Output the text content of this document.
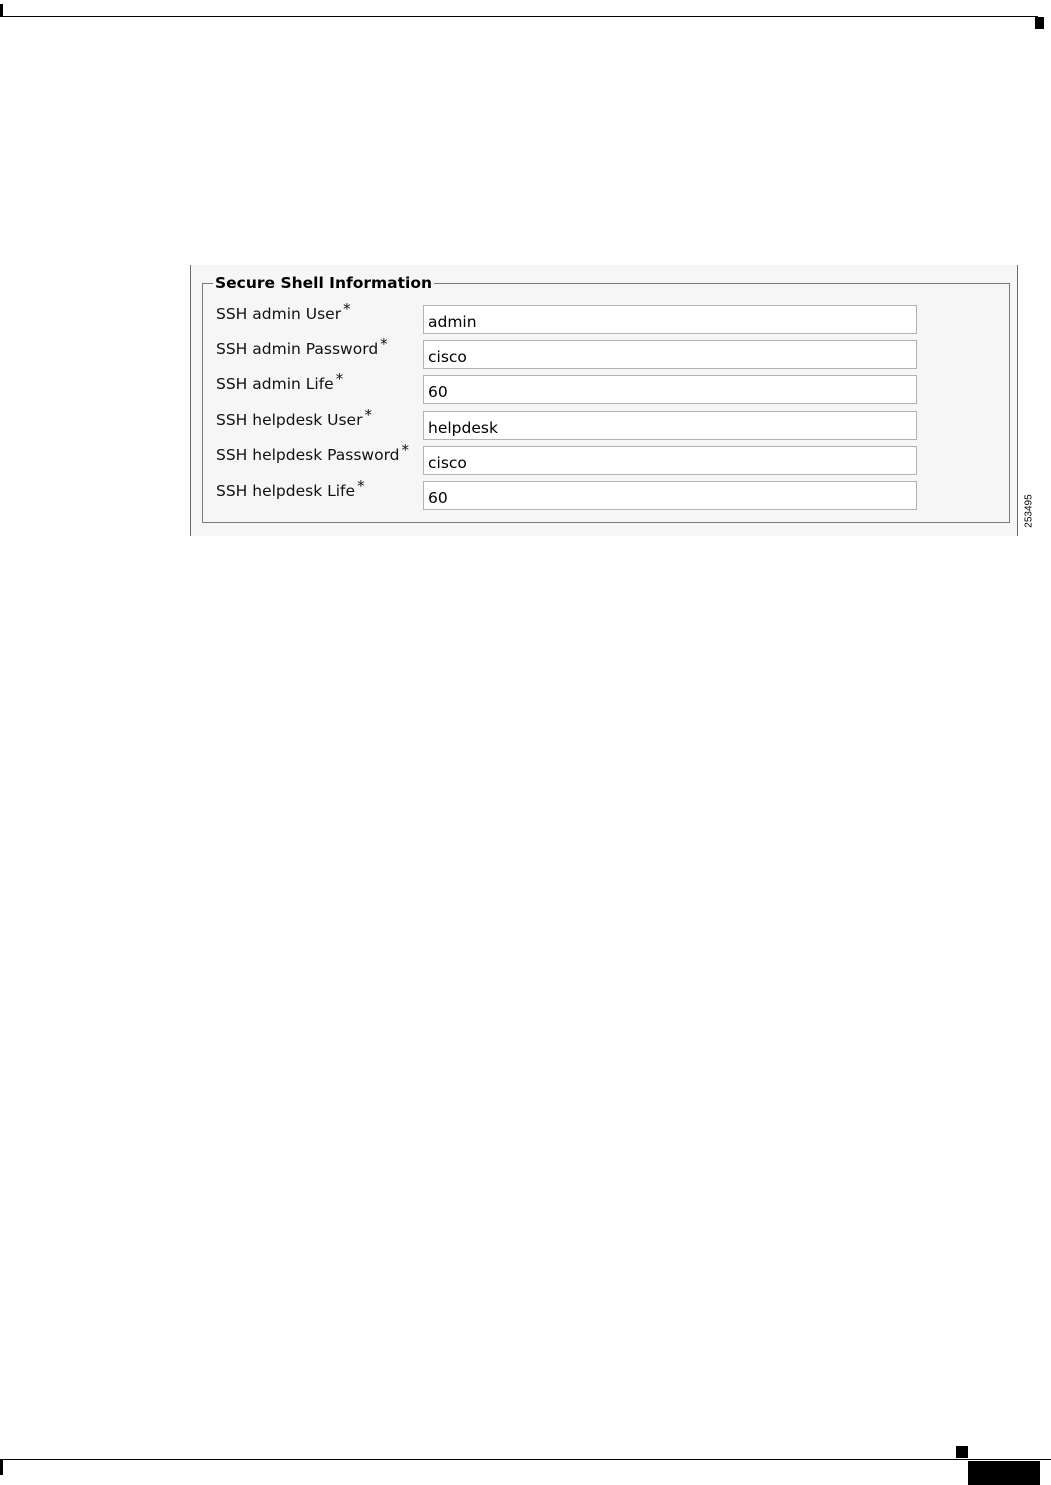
Secure Shell Information
SSH admin User *
admin
SSH admin Password *
cisco
SSH admin Life *
60
SSH helpdesk User *
helpdesk
SSH helpdesk Password *
cisco
SSH helpdesk Life *
60	253495
